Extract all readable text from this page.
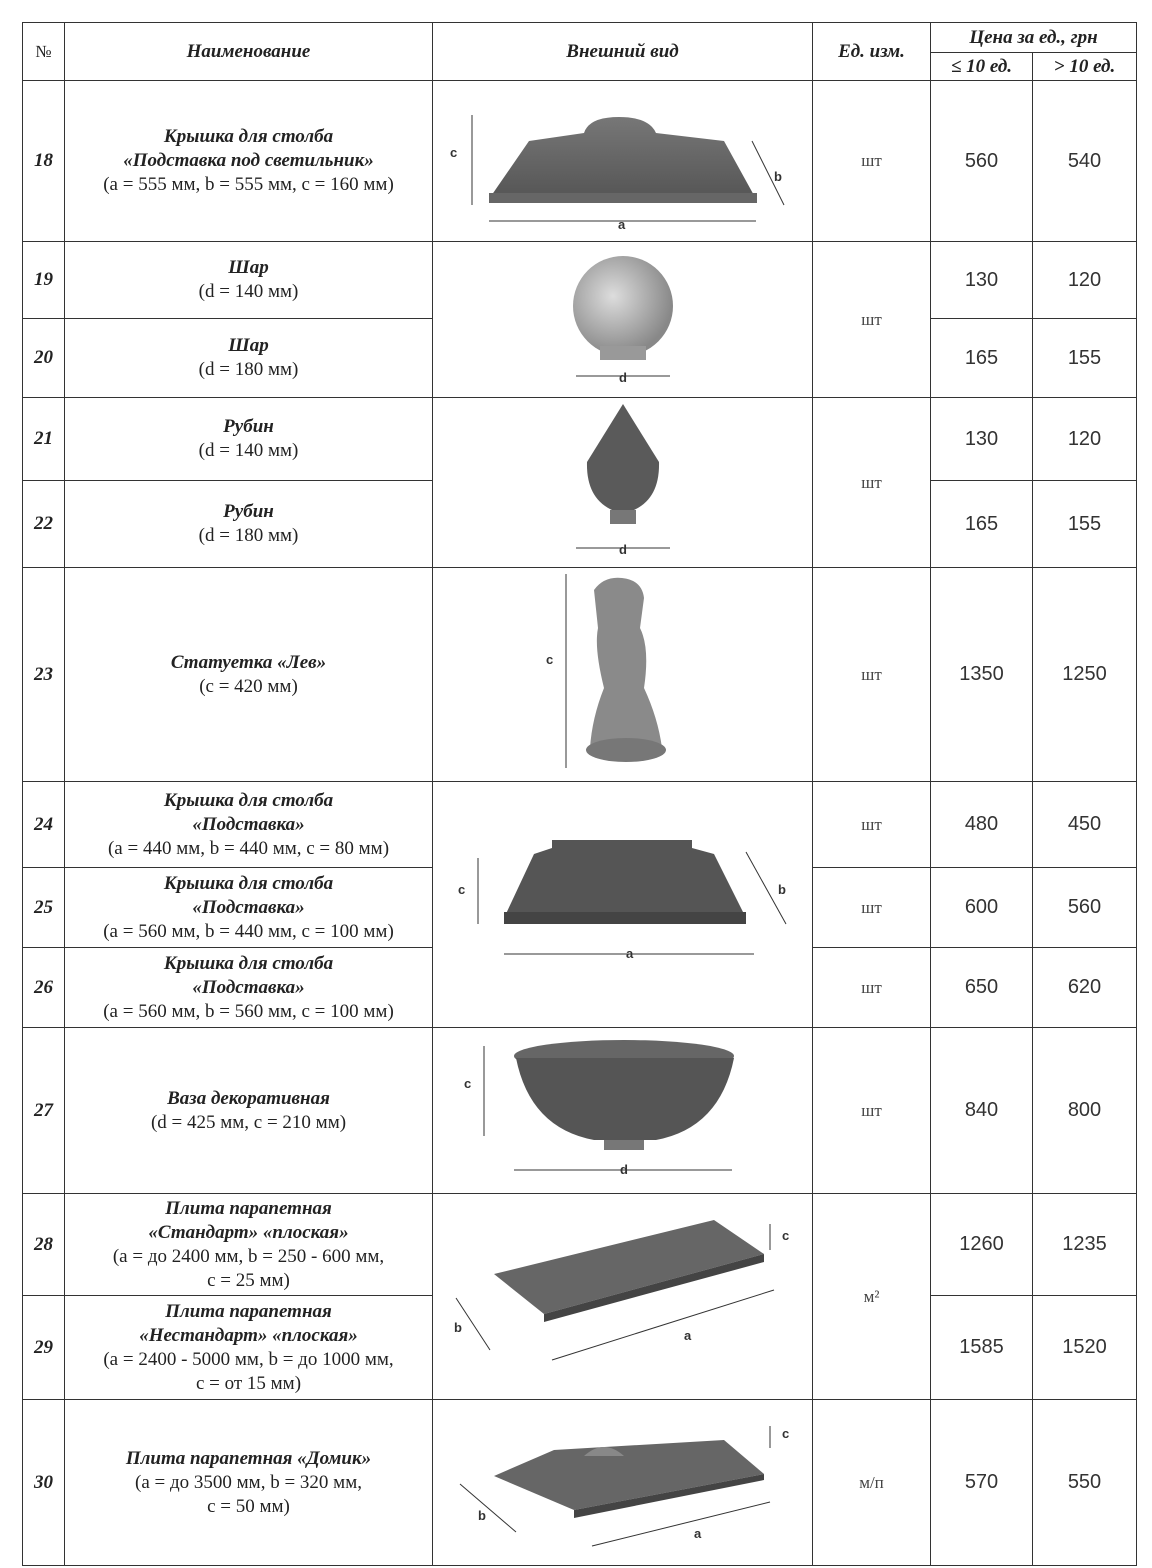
№	Наименование	Внешний вид	Ед. изм.	Цена за ед., грн	
				≤ 10 ед.	> 10 ед.
18	Крышка для столба
«Подставка под светильник»
(a = 555 мм, b = 555 мм, c = 160 мм)	c
a
b	шт	560	540
19	Шар
(d = 140 мм)	d	шт	130	120
20	Шар
(d = 180 мм)			165	155
21	Рубин
(d = 140 мм)	d	шт	130	120
22	Рубин
(d = 180 мм)			165	155
23	Статуетка «Лев»
(c = 420 мм)	c	шт	1350	1250
24	Крышка для столба
«Подставка»
(a = 440 мм, b = 440 мм, c = 80 мм)	c
a
b	шт	480	450
25	Крышка для столба
«Подставка»
(a = 560 мм, b = 440 мм, c = 100 мм)		шт	600	560
26	Крышка для столба
«Подставка»
(a = 560 мм, b = 560 мм, c = 100 мм)		шт	650	620
27	Ваза декоративная
(d = 425 мм, c = 210 мм)	c
d	шт	840	800
28	Плита парапетная
«Стандарт» «плоская»
(a = до 2400 мм, b = 250 - 600 мм,
c = 25 мм)	c
b
a	м²	1260	1235
29	Плита парапетная
«Нестандарт» «плоская»
(a = 2400 - 5000 мм, b = до 1000 мм,
c = от 15 мм)			1585	1520
30	Плита парапетная «Домик»
(a = до 3500 мм, b = 320 мм,
c = 50 мм)	c
b
a	м/п	570	550
